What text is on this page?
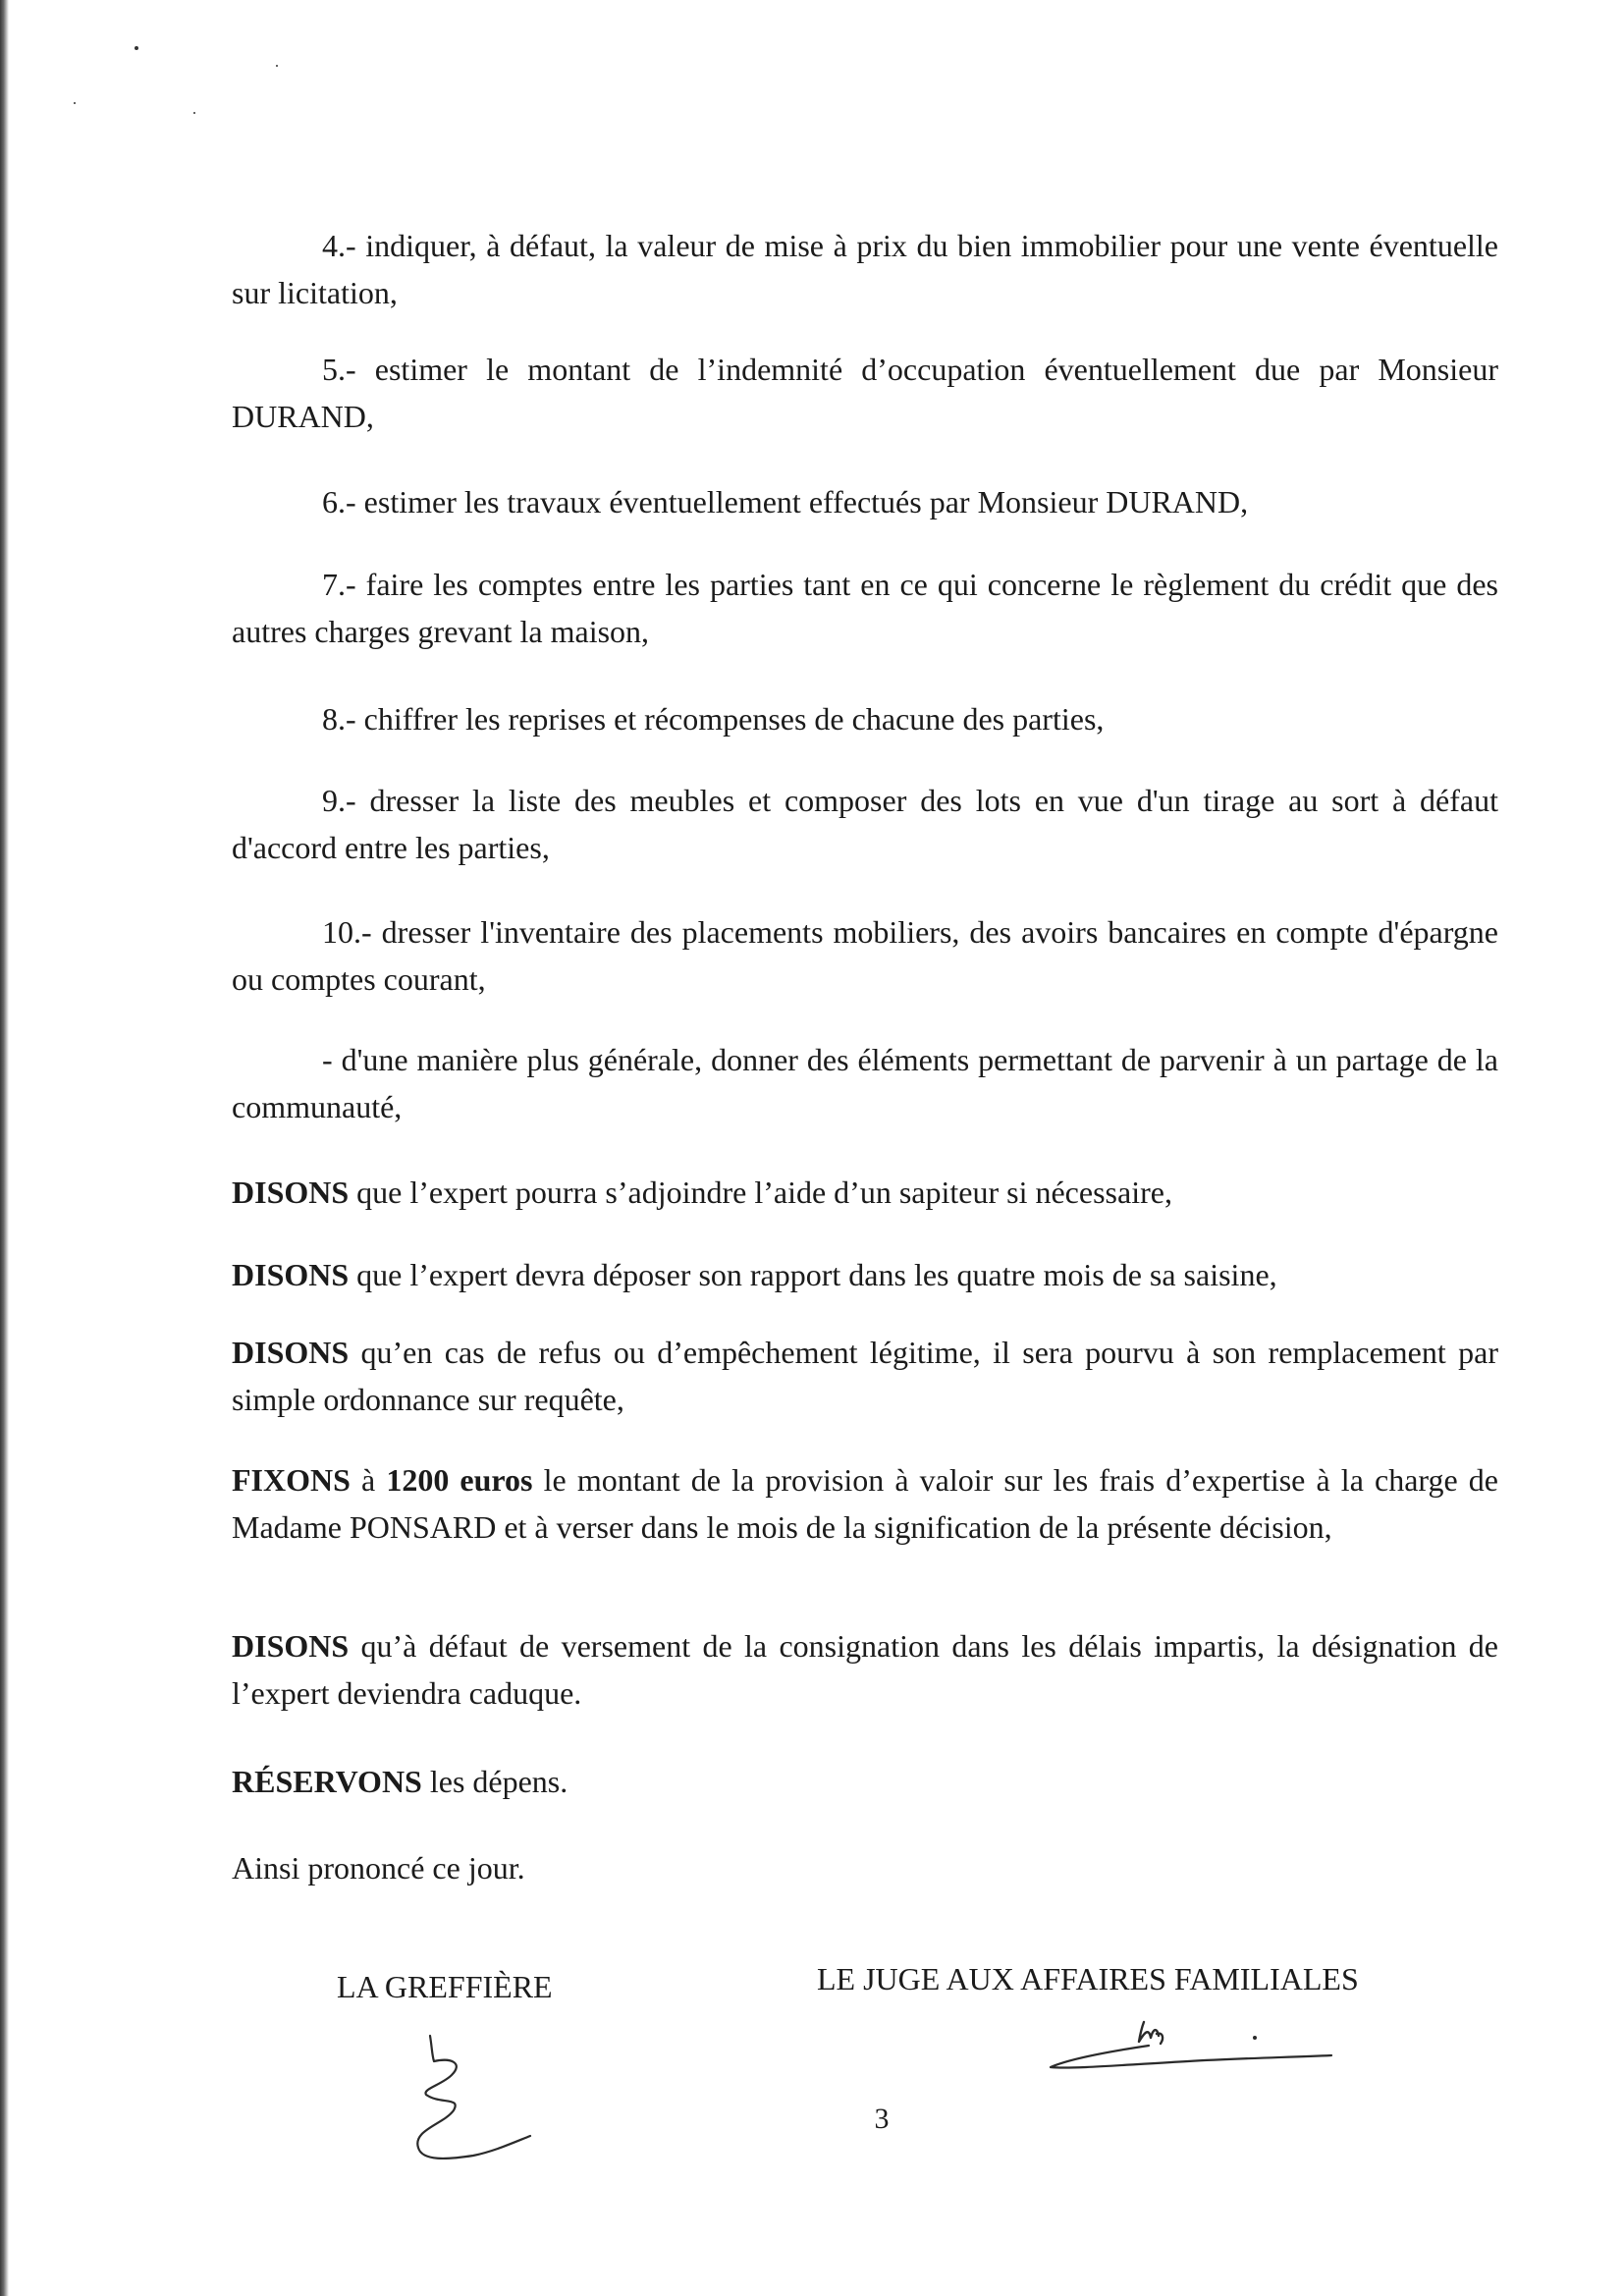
4.- indiquer, à défaut, la valeur de mise à prix du bien immobilier pour une vente éventuelle sur licitation,

5.- estimer le montant de l’indemnité d’occupation éventuellement due par Monsieur DURAND,

6.- estimer les travaux éventuellement effectués par Monsieur DURAND,

7.- faire les comptes entre les parties tant en ce qui concerne le règlement du crédit que des autres charges grevant la maison,

8.- chiffrer les reprises et récompenses de chacune des parties,

9.- dresser la liste des meubles et composer des lots en vue d'un tirage au sort à défaut d'accord entre les parties,

10.- dresser l'inventaire des placements mobiliers, des avoirs bancaires en compte d'épargne ou comptes courant,

- d'une manière plus générale, donner des éléments permettant de parvenir à un partage de la communauté,

DISONS que l’expert pourra s’adjoindre l’aide d’un sapiteur si nécessaire,

DISONS que l’expert devra déposer son rapport dans les quatre mois de sa saisine,

DISONS qu’en cas de refus ou d’empêchement légitime, il sera pourvu à son remplacement par simple ordonnance sur requête,

FIXONS à 1200 euros le montant de la provision à valoir sur les frais d’expertise à la charge de Madame PONSARD et à verser dans le mois de la signification de la présente décision,

DISONS qu’à défaut de versement de la consignation dans les délais impartis, la désignation de l’expert deviendra caduque.

RÉSERVONS les dépens.

Ainsi prononcé ce jour.

LA GREFFIÈRE	LE JUGE AUX AFFAIRES FAMILIALES
3
